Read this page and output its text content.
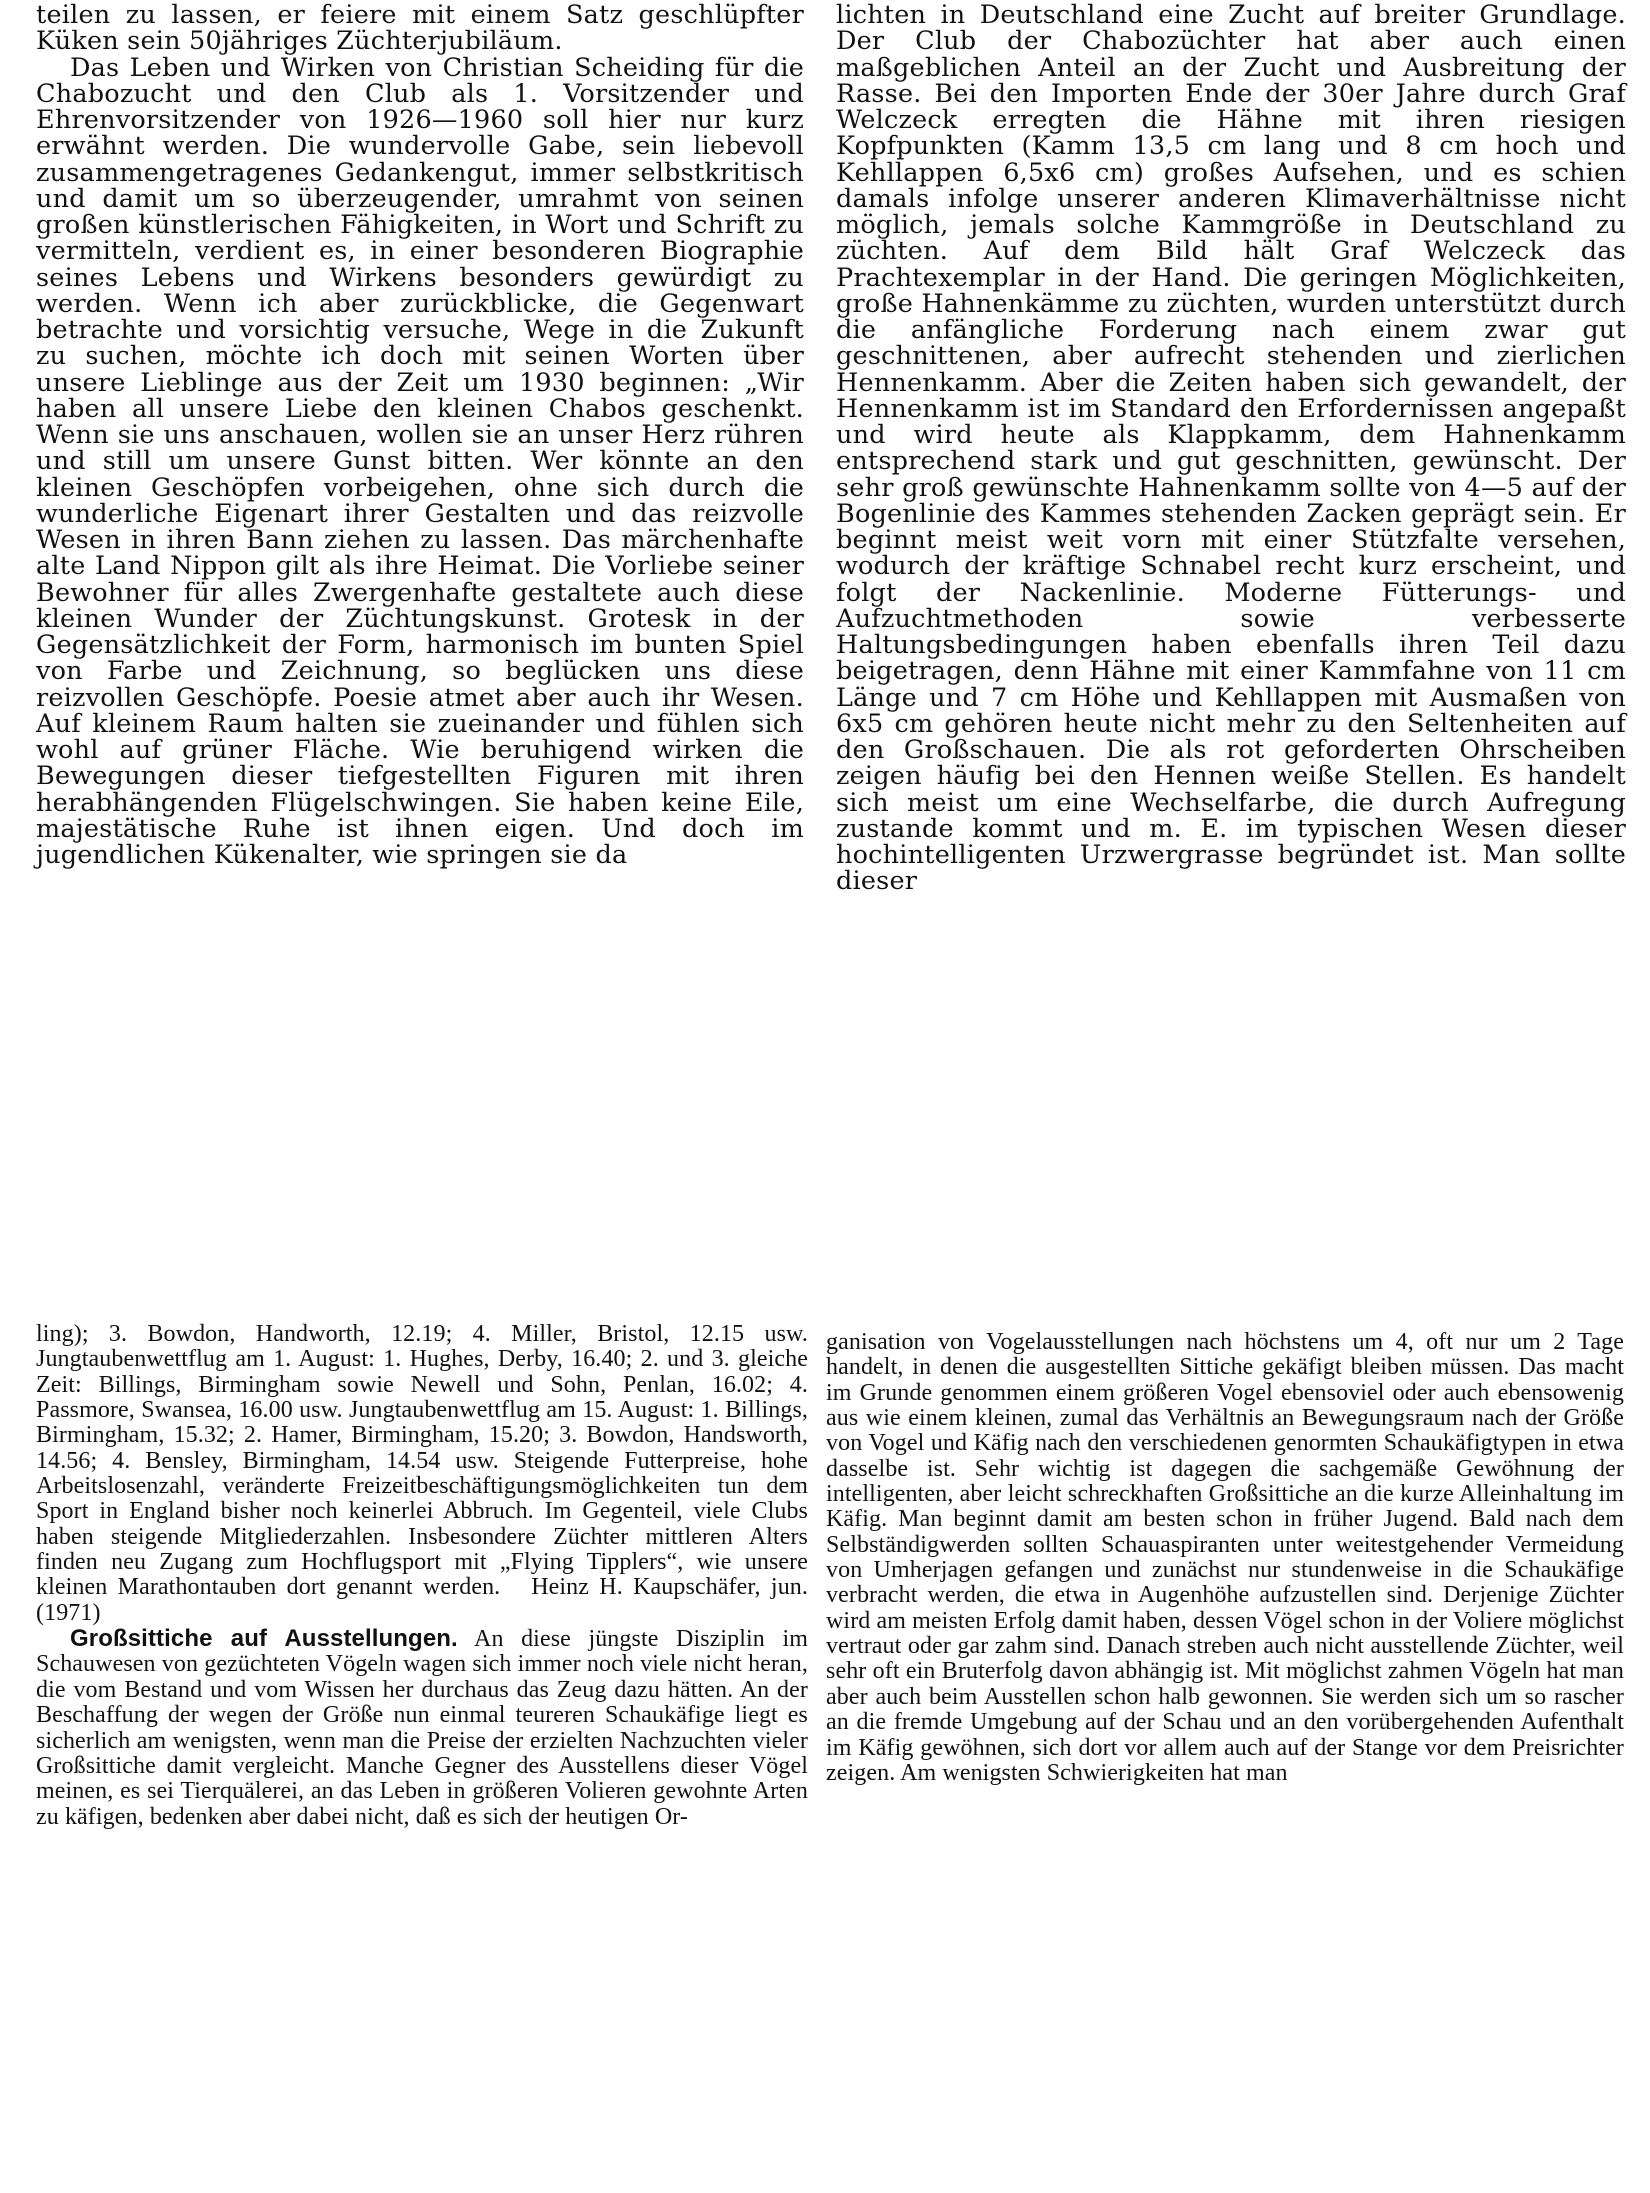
teilen zu lassen, er feiere mit einem Satz geschlüpfter Küken sein 50jähriges Züchterjubiläum.

Das Leben und Wirken von Christian Scheiding für die Chabozucht und den Club als 1. Vorsitzender und Ehrenvorsitzender von 1926—1960 soll hier nur kurz erwähnt werden. Die wundervolle Gabe, sein liebevoll zusammengetragenes Gedankengut, immer selbstkritisch und damit um so überzeugender, umrahmt von seinen großen künstlerischen Fähigkeiten, in Wort und Schrift zu vermitteln, verdient es, in einer besonderen Biographie seines Lebens und Wirkens besonders gewürdigt zu werden. Wenn ich aber zurückblicke, die Gegenwart betrachte und vorsichtig versuche, Wege in die Zukunft zu suchen, möchte ich doch mit seinen Worten über unsere Lieblinge aus der Zeit um 1930 beginnen: „Wir haben all unsere Liebe den kleinen Chabos geschenkt. Wenn sie uns anschauen, wollen sie an unser Herz rühren und still um unsere Gunst bitten. Wer könnte an den kleinen Geschöpfen vorbeigehen, ohne sich durch die wunderliche Eigenart ihrer Gestalten und das reizvolle Wesen in ihren Bann ziehen zu lassen. Das märchenhafte alte Land Nippon gilt als ihre Heimat. Die Vorliebe seiner Bewohner für alles Zwergenhafte gestaltete auch diese kleinen Wunder der Züchtungskunst. Grotesk in der Gegensätzlichkeit der Form, harmonisch im bunten Spiel von Farbe und Zeichnung, so beglücken uns diese reizvollen Geschöpfe. Poesie atmet aber auch ihr Wesen. Auf kleinem Raum halten sie zueinander und fühlen sich wohl auf grüner Fläche. Wie beruhigend wirken die Bewegungen dieser tiefgestellten Figuren mit ihren herabhängenden Flügelschwingen. Sie haben keine Eile, majestätische Ruhe ist ihnen eigen. Und doch im jugendlichen Kükenalter, wie springen sie da

lichten in Deutschland eine Zucht auf breiter Grundlage. Der Club der Chabozüchter hat aber auch einen maßgeblichen Anteil an der Zucht und Ausbreitung der Rasse. Bei den Importen Ende der 30er Jahre durch Graf Welczeck erregten die Hähne mit ihren riesigen Kopfpunkten (Kamm 13,5 cm lang und 8 cm hoch und Kehllappen 6,5x6 cm) großes Aufsehen, und es schien damals infolge unserer anderen Klimaverhältnisse nicht möglich, jemals solche Kammgröße in Deutschland zu züchten. Auf dem Bild hält Graf Welczeck das Prachtexemplar in der Hand. Die geringen Möglichkeiten, große Hahnenkämme zu züchten, wurden unterstützt durch die anfängliche Forderung nach einem zwar gut geschnittenen, aber aufrecht stehenden und zierlichen Hennenkamm. Aber die Zeiten haben sich gewandelt, der Hennenkamm ist im Standard den Erfordernissen angepaßt und wird heute als Klappkamm, dem Hahnenkamm entsprechend stark und gut geschnitten, gewünscht. Der sehr groß gewünschte Hahnenkamm sollte von 4—5 auf der Bogenlinie des Kammes stehenden Zacken geprägt sein. Er beginnt meist weit vorn mit einer Stützfalte versehen, wodurch der kräftige Schnabel recht kurz erscheint, und folgt der Nackenlinie. Moderne Fütterungs- und Aufzuchtmethoden sowie verbesserte Haltungsbedingungen haben ebenfalls ihren Teil dazu beigetragen, denn Hähne mit einer Kammfahne von 11 cm Länge und 7 cm Höhe und Kehllappen mit Ausmaßen von 6x5 cm gehören heute nicht mehr zu den Seltenheiten auf den Großschauen. Die als rot geforderten Ohrscheiben zeigen häufig bei den Hennen weiße Stellen. Es handelt sich meist um eine Wechselfarbe, die durch Aufregung zustande kommt und m. E. im typischen Wesen dieser hochintelligenten Urzwergrasse begründet ist. Man sollte dieser

ling); 3. Bowdon, Handworth, 12.19; 4. Miller, Bristol, 12.15 usw. Jungtaubenwettflug am 1. August: 1. Hughes, Derby, 16.40; 2. und 3. gleiche Zeit: Billings, Birmingham sowie Newell und Sohn, Penlan, 16.02; 4. Passmore, Swansea, 16.00 usw. Jungtaubenwettflug am 15. August: 1. Billings, Birmingham, 15.32; 2. Hamer, Birmingham, 15.20; 3. Bowdon, Handsworth, 14.56; 4. Bensley, Birmingham, 14.54 usw. Steigende Futterpreise, hohe Arbeitslosenzahl, veränderte Freizeitbeschäftigungsmöglichkeiten tun dem Sport in England bisher noch keinerlei Abbruch. Im Gegenteil, viele Clubs haben steigende Mitgliederzahlen. Insbesondere Züchter mittleren Alters finden neu Zugang zum Hochflugsport mit „Flying Tipplers“, wie unsere kleinen Marathontauben dort genannt werden. Heinz H. Kaupschäfer, jun. (1971)

Großsittiche auf Ausstellungen. An diese jüngste Disziplin im Schauwesen von gezüchteten Vögeln wagen sich immer noch viele nicht heran, die vom Bestand und vom Wissen her durchaus das Zeug dazu hätten. An der Beschaffung der wegen der Größe nun einmal teureren Schaukäfige liegt es sicherlich am wenigsten, wenn man die Preise der erzielten Nachzuchten vieler Großsittiche damit vergleicht. Manche Gegner des Ausstellens dieser Vögel meinen, es sei Tierquälerei, an das Leben in größeren Volieren gewohnte Arten zu käfigen, bedenken aber dabei nicht, daß es sich der heutigen Or-

ganisation von Vogelausstellungen nach höchstens um 4, oft nur um 2 Tage handelt, in denen die ausgestellten Sittiche gekäfigt bleiben müssen. Das macht im Grunde genommen einem größeren Vogel ebensoviel oder auch ebensowenig aus wie einem kleinen, zumal das Verhältnis an Bewegungsraum nach der Größe von Vogel und Käfig nach den verschiedenen genormten Schaukäfigtypen in etwa dasselbe ist. Sehr wichtig ist dagegen die sachgemäße Gewöhnung der intelligenten, aber leicht schreckhaften Großsittiche an die kurze Alleinhaltung im Käfig. Man beginnt damit am besten schon in früher Jugend. Bald nach dem Selbständigwerden sollten Schauaspiranten unter weitestgehender Vermeidung von Umherjagen gefangen und zunächst nur stundenweise in die Schaukäfige verbracht werden, die etwa in Augenhöhe aufzustellen sind. Derjenige Züchter wird am meisten Erfolg damit haben, dessen Vögel schon in der Voliere möglichst vertraut oder gar zahm sind. Danach streben auch nicht ausstellende Züchter, weil sehr oft ein Bruterfolg davon abhängig ist. Mit möglichst zahmen Vögeln hat man aber auch beim Ausstellen schon halb gewonnen. Sie werden sich um so rascher an die fremde Umgebung auf der Schau und an den vorübergehenden Aufenthalt im Käfig gewöhnen, sich dort vor allem auch auf der Stange vor dem Preisrichter zeigen. Am wenigsten Schwierigkeiten hat man
